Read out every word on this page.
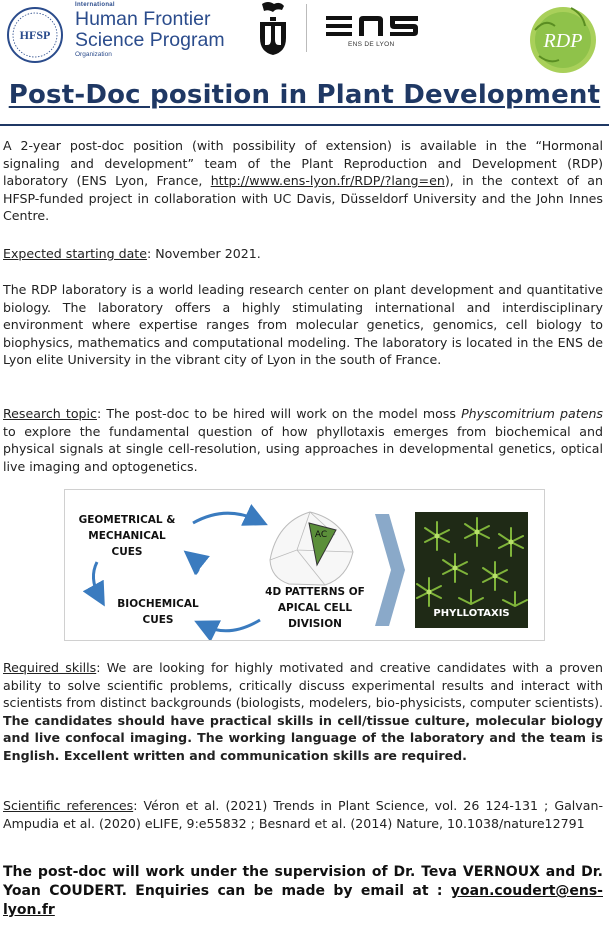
HFSP
International
Human Frontier
Science Program
Organization
ENS DE LYON	RDP
Post-Doc position in Plant Development
A 2-year post-doc position (with possibility of extension) is available in the “Hormonal signaling and development” team of the Plant Reproduction and Development (RDP) laboratory (ENS Lyon, France, http://www.ens-lyon.fr/RDP/?lang=en), in the context of an HFSP-funded project in collaboration with UC Davis, Düsseldorf University and the John Innes Centre.
Expected starting date: November 2021.
The RDP laboratory is a world leading research center on plant development and quantitative biology. The laboratory offers a highly stimulating international and interdisciplinary environment where expertise ranges from molecular genetics, genomics, cell biology to biophysics, mathematics and computational modeling. The laboratory is located in the ENS de Lyon elite University in the vibrant city of Lyon in the south of France.
Research topic: The post-doc to be hired will work on the model moss Physcomitrium patens to explore the fundamental question of how phyllotaxis emerges from biochemical and physical signals at single cell-resolution, using approaches in developmental genetics, optical live imaging and optogenetics.
AC
GEOMETRICAL &
MECHANICAL
CUES
BIOCHEMICAL
CUES
4D PATTERNS OF
APICAL CELL
DIVISION
PHYLLOTAXIS
Required skills: We are looking for highly motivated and creative candidates with a proven ability to solve scientific problems, critically discuss experimental results and interact with scientists from distinct backgrounds (biologists, modelers, bio-physicists, computer scientists). The candidates should have practical skills in cell/tissue culture, molecular biology and live confocal imaging. The working language of the laboratory and the team is English. Excellent written and communication skills are required.
Scientific references: Véron et al. (2021) Trends in Plant Science, vol. 26 124-131 ; Galvan-Ampudia et al. (2020) eLIFE, 9:e55832 ; Besnard et al. (2014) Nature, 10.1038/nature12791
The post-doc will work under the supervision of Dr. Teva VERNOUX and Dr. Yoan COUDERT. Enquiries can be made by email at : yoan.coudert@ens-lyon.fr
